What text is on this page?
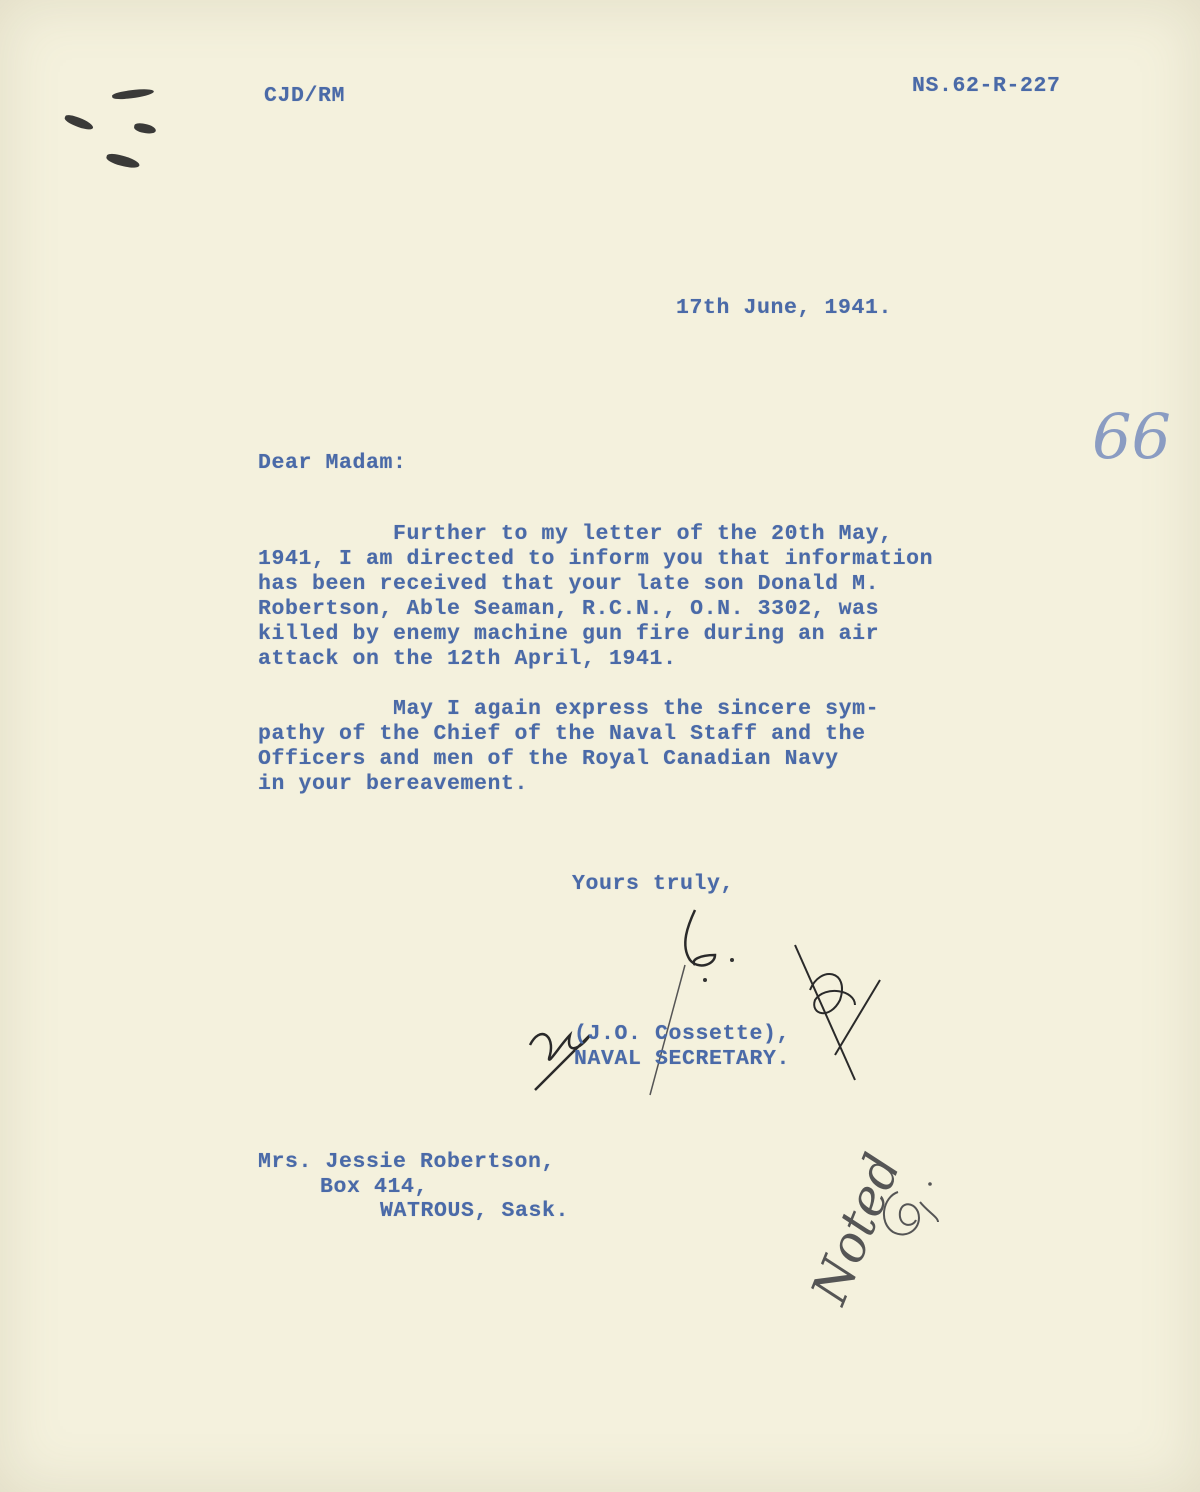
CJD/RM	NS.62-R-227
17th June, 1941.
66
Dear Madam:
Further to my letter of the 20th May,
1941, I am directed to inform you that information
has been received that your late son Donald M.
Robertson, Able Seaman, R.C.N., O.N. 3302, was
killed by enemy machine gun fire during an air
attack on the 12th April, 1941.
May I again express the sincere sym-
pathy of the Chief of the Naval Staff and the
Officers and men of the Royal Canadian Navy
in your bereavement.
Yours truly,
(J.O. Cossette),
NAVAL SECRETARY.
Mrs. Jessie Robertson,
Box 414,
WATROUS, Sask.	Noted
